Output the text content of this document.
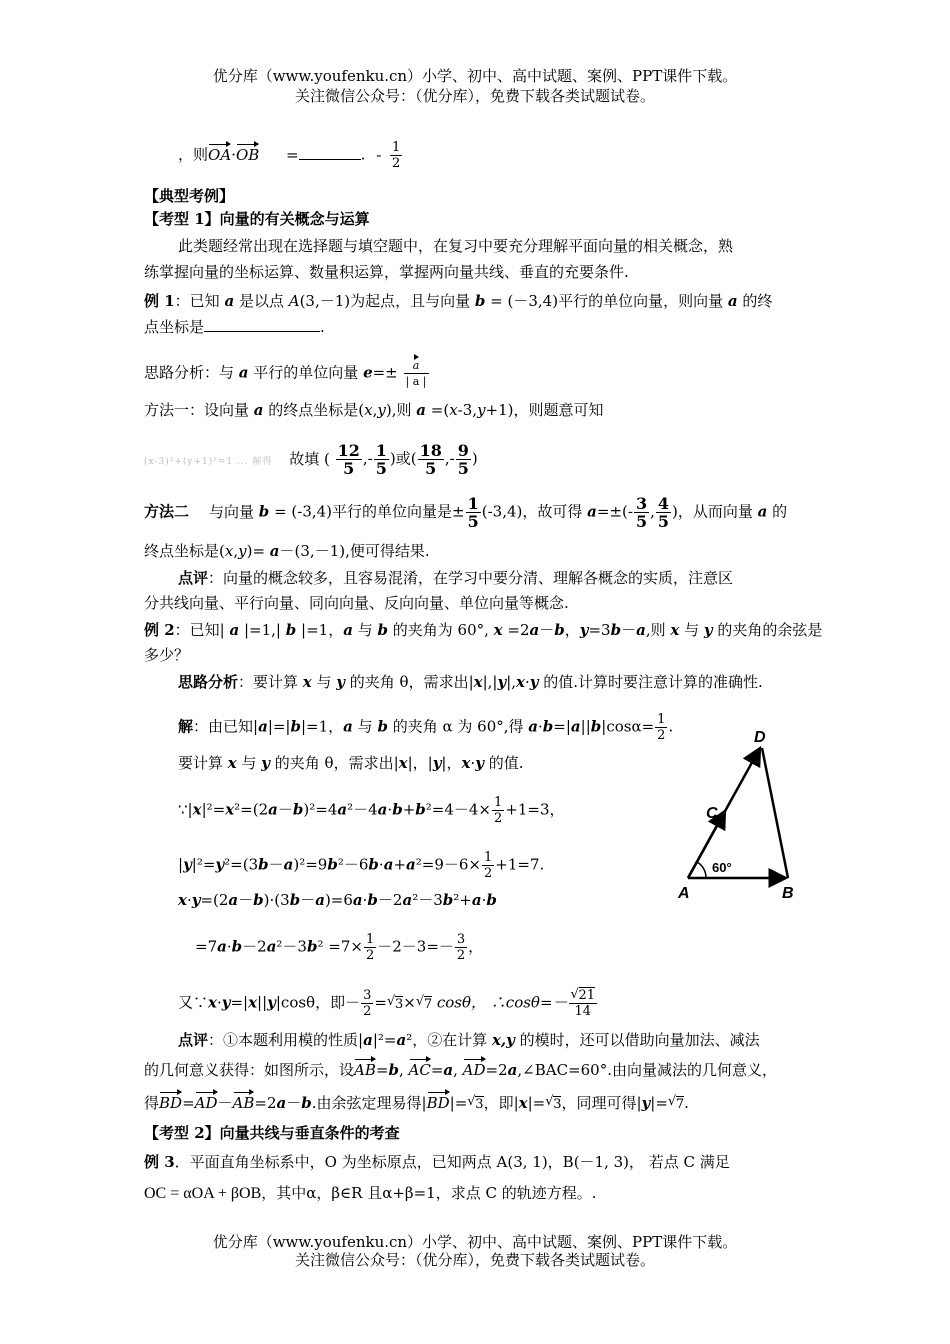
优分库（www.youfenku.cn）小学、初中、高中试题、案例、PPT课件下载。
关注微信公众号：（优分库），免费下载各类试题试卷。
，则OA·OB =	. - $\frac{1}{2}$
【典型考例】
【考型 1】向量的有关概念与运算
此类题经常出现在选择题与填空题中，在复习中要充分理解平面向量的相关概念，熟
练掌握向量的坐标运算、数量积运算，掌握两向量共线、垂直的充要条件.
例 1：已知 a 是以点 A(3,－1)为起点，且与向量 b = (－3,4)平行的单位向量，则向量 a 的终
点坐标是	.
思路分析：与 a 平行的单位向量 $e=\pm \frac{a}{| a |}$
方法一：设向量 a 的终点坐标是(x,y),则 a =(x-3,y+1)，则题意可知
(x-3)²+(y+1)²=1 ... 解得 故填 ( $\frac{12}{5}$ ,- $\frac{1}{5}$ )或( $\frac{18}{5}$ ,- $\frac{9}{5}$ )
方法二 与向量 b = (-3,4)平行的单位向量是± $\frac{1}{5} (-3,4)$，故可得 $a=\pm(- \frac{3}{5}$ , $\frac{4}{5}$ )，从而向量 a 的
终点坐标是(x,y)= a－(3,－1),便可得结果.
点评：向量的概念较多，且容易混淆，在学习中要分清、理解各概念的实质，注意区
分共线向量、平行向量、同向向量、反向向量、单位向量等概念.
例 2：已知| a |=1,| b |=1，a 与 b 的夹角为 60°, x =2a－b，y=3b－a,则 x 与 y 的夹角的余弦是
多少？
思路分析：要计算 x 与 y 的夹角 θ，需求出|x|,|y|,x·y 的值.计算时要注意计算的准确性.
解：由已知|a|=|b|=1，a 与 b 的夹角 α 为 60°,得 $a\cdot b=|a||b|\cos\alpha= \frac{1}{2}$ .
要计算 x 与 y 的夹角 θ，需求出|x|，|y|，x·y 的值.
∵|x|²=x²=(2a－b)²=4a²－4a·b+b²=4－4× $\frac{1}{2} +1=3$，
$|y|^2=y^2=(3b-a)^2=9b^2-6b\cdot a+a^2=9-6\times \frac{1}{2} +1=7$.
x·y=(2a－b)·(3b－a)=6a·b－2a²－3b²+a·b
$=7a\cdot b-2a^2-3b^2 =7\times \frac{1}{2} -2-3=- \frac{3}{2}$ ，
又∵x·y=|x||y|cosθ，即－ $\frac{3}{2}$ = √ 3× √ 7 cosθ， ∴cosθ=－ √ $\frac{21}{14}$
点评：①本题利用模的性质|a|²=a²，②在计算 x,y 的模时，还可以借助向量加法、减法
的几何意义获得：如图所示，设AB=b, AC=a, AD=2a,∠BAC=60°.由向量减法的几何意义，
得BD=AD－AB=2a－b.由余弦定理易得|BD|= √ 3，即|x|= √ 3，同理可得|y|= √ 7.
【考型 2】向量共线与垂直条件的考查
例 3．平面直角坐标系中，O 为坐标原点，已知两点 A(3, 1)，B(－1, 3)， 若点 C 满足
OC = αOA + βOB，其中α，β∈R 且α+β=1，求点 C 的轨迹方程。.
优分库（www.youfenku.cn）小学、初中、高中试题、案例、PPT课件下载。
关注微信公众号：（优分库），免费下载各类试题试卷。
D
C
A	B
60°
